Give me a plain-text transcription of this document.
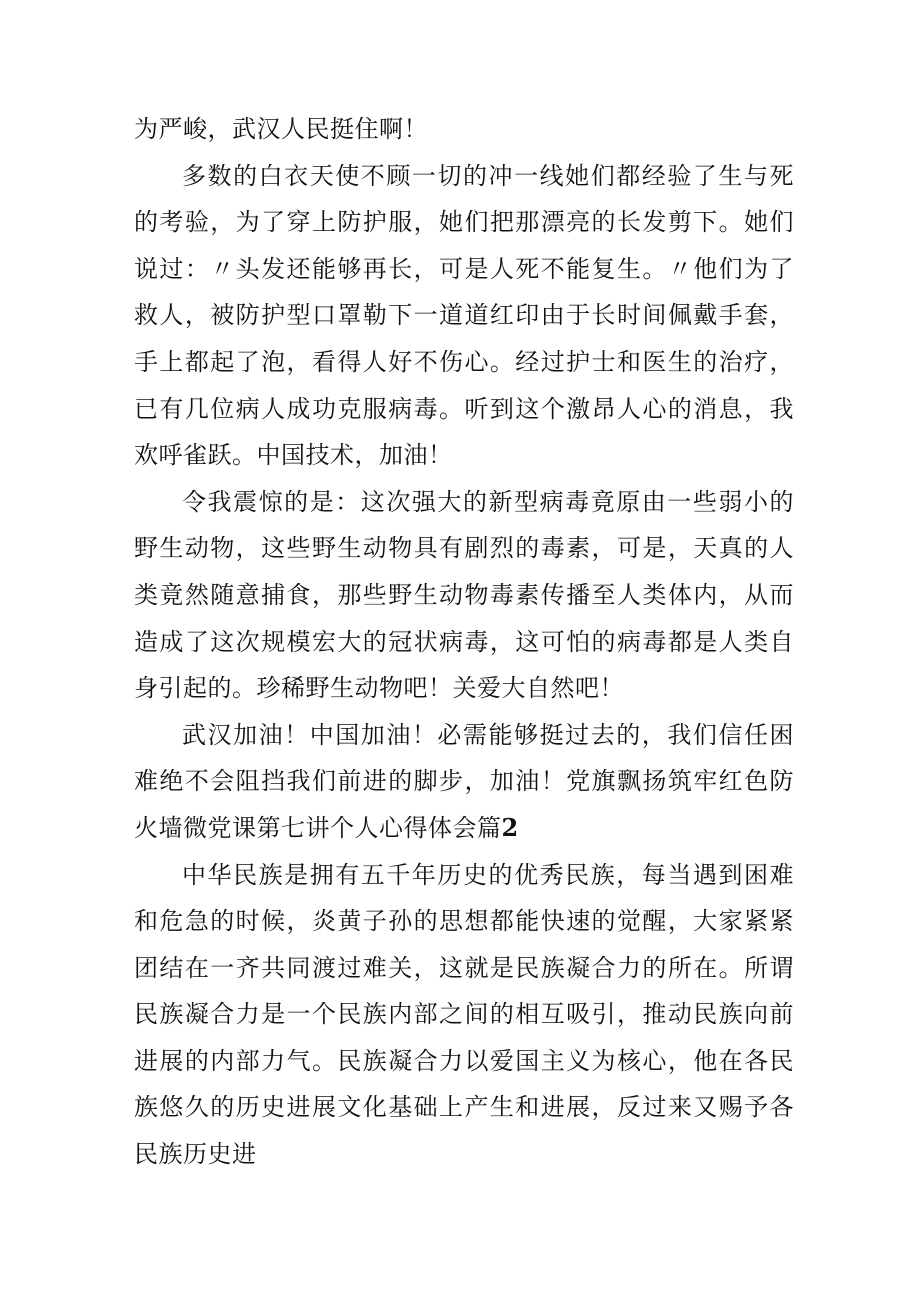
为严峻，武汉人民挺住啊！

多数的白衣天使不顾一切的冲一线她们都经验了生与死的考验，为了穿上防护服，她们把那漂亮的长发剪下。她们说过：〃头发还能够再长，可是人死不能复生。〃他们为了救人，被防护型口罩勒下一道道红印由于长时间佩戴手套，手上都起了泡，看得人好不伤心。经过护士和医生的治疗，已有几位病人成功克服病毒。听到这个激昂人心的消息，我欢呼雀跃。中国技术，加油！

令我震惊的是：这次强大的新型病毒竟原由一些弱小的野生动物，这些野生动物具有剧烈的毒素，可是，天真的人类竟然随意捕食，那些野生动物毒素传播至人类体内，从而造成了这次规模宏大的冠状病毒，这可怕的病毒都是人类自身引起的。珍稀野生动物吧！关爱大自然吧！

武汉加油！中国加油！必需能够挺过去的，我们信任困难绝不会阻挡我们前进的脚步，加油！党旗飘扬筑牢红色防火墙微党课第七讲个人心得体会篇2

中华民族是拥有五千年历史的优秀民族，每当遇到困难和危急的时候，炎黄子孙的思想都能快速的觉醒，大家紧紧团结在一齐共同渡过难关，这就是民族凝合力的所在。所谓民族凝合力是一个民族内部之间的相互吸引，推动民族向前进展的内部力气。民族凝合力以爱国主义为核心，他在各民族悠久的历史进展文化基础上产生和进展，反过来又赐予各民族历史进
